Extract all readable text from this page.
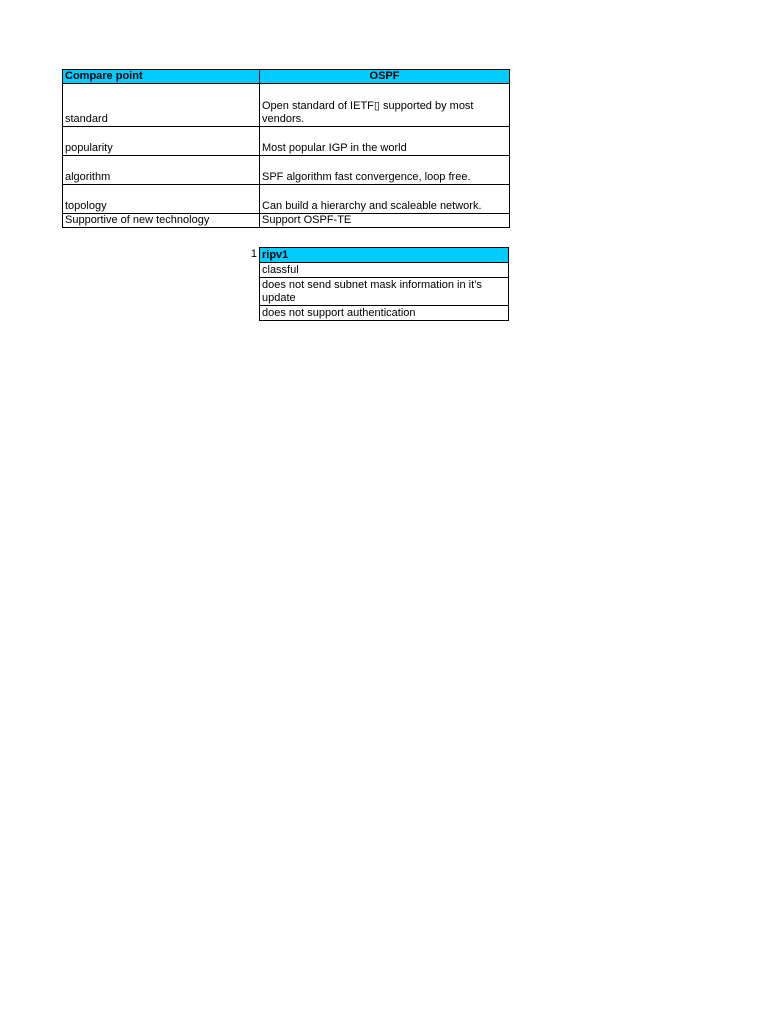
Compare point	OSPF
standard	Open standard of IETF▯ supported by most vendors.
popularity	Most popular IGP in the world
algorithm	SPF algorithm fast convergence, loop free.
topology	Can build a hierarchy and scaleable network.
Supportive of new technology	Support OSPF-TE
1 ripv1
classful
does not send subnet mask information in it’s update
does not support authentication
